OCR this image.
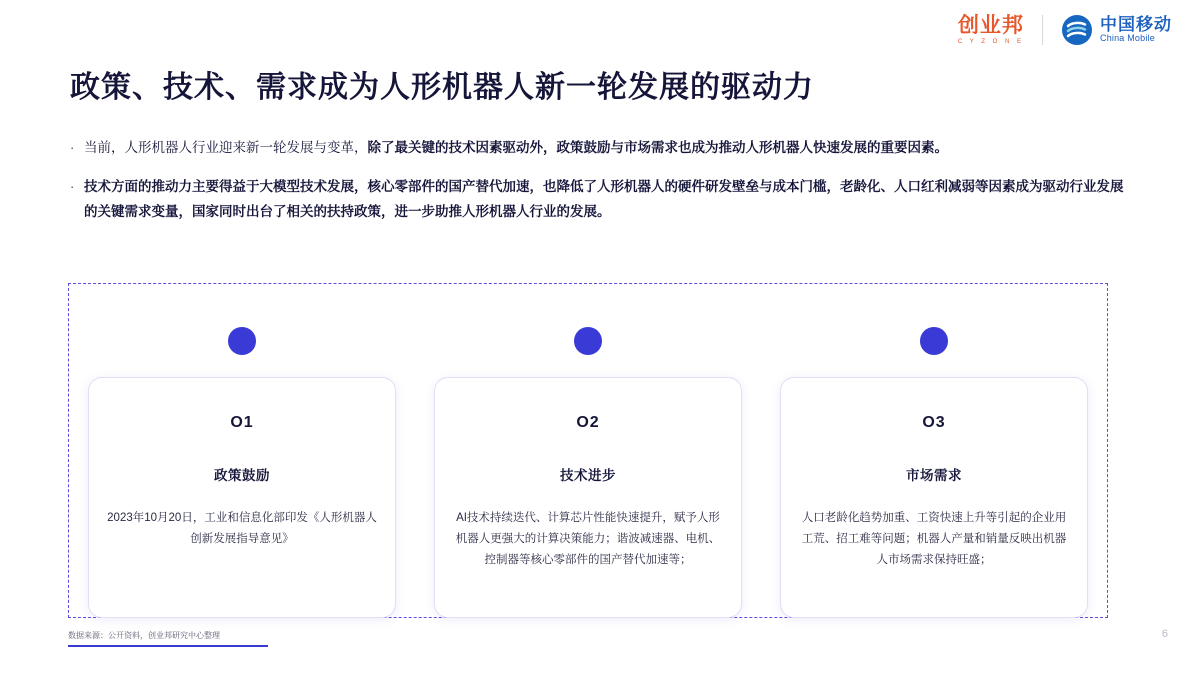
创业邦
C Y Z O N E
中国移动
China Mobile
政策、技术、需求成为人形机器人新一轮发展的驱动力
· 当前，人形机器人行业迎来新一轮发展与变革，除了最关键的技术因素驱动外，政策鼓励与市场需求也成为推动人形机器人快速发展的重要因素。
· 技术方面的推动力主要得益于大模型技术发展，核心零部件的国产替代加速，也降低了人形机器人的硬件研发壁垒与成本门槛，老龄化、人口红利减弱等因素成为驱动行业发展的关键需求变量，国家同时出台了相关的扶持政策，进一步助推人形机器人行业的发展。
O1
政策鼓励
2023年10月20日，工业和信息化部印发《人形机器人创新发展指导意见》
O2
技术进步
AI技术持续迭代、计算芯片性能快速提升，赋予人形机器人更强大的计算决策能力；谐波减速器、电机、控制器等核心零部件的国产替代加速等；
O3
市场需求
人口老龄化趋势加重、工资快速上升等引起的企业用工荒、招工难等问题；机器人产量和销量反映出机器人市场需求保持旺盛；
数据来源：公开资料，创业邦研究中心整理	6
